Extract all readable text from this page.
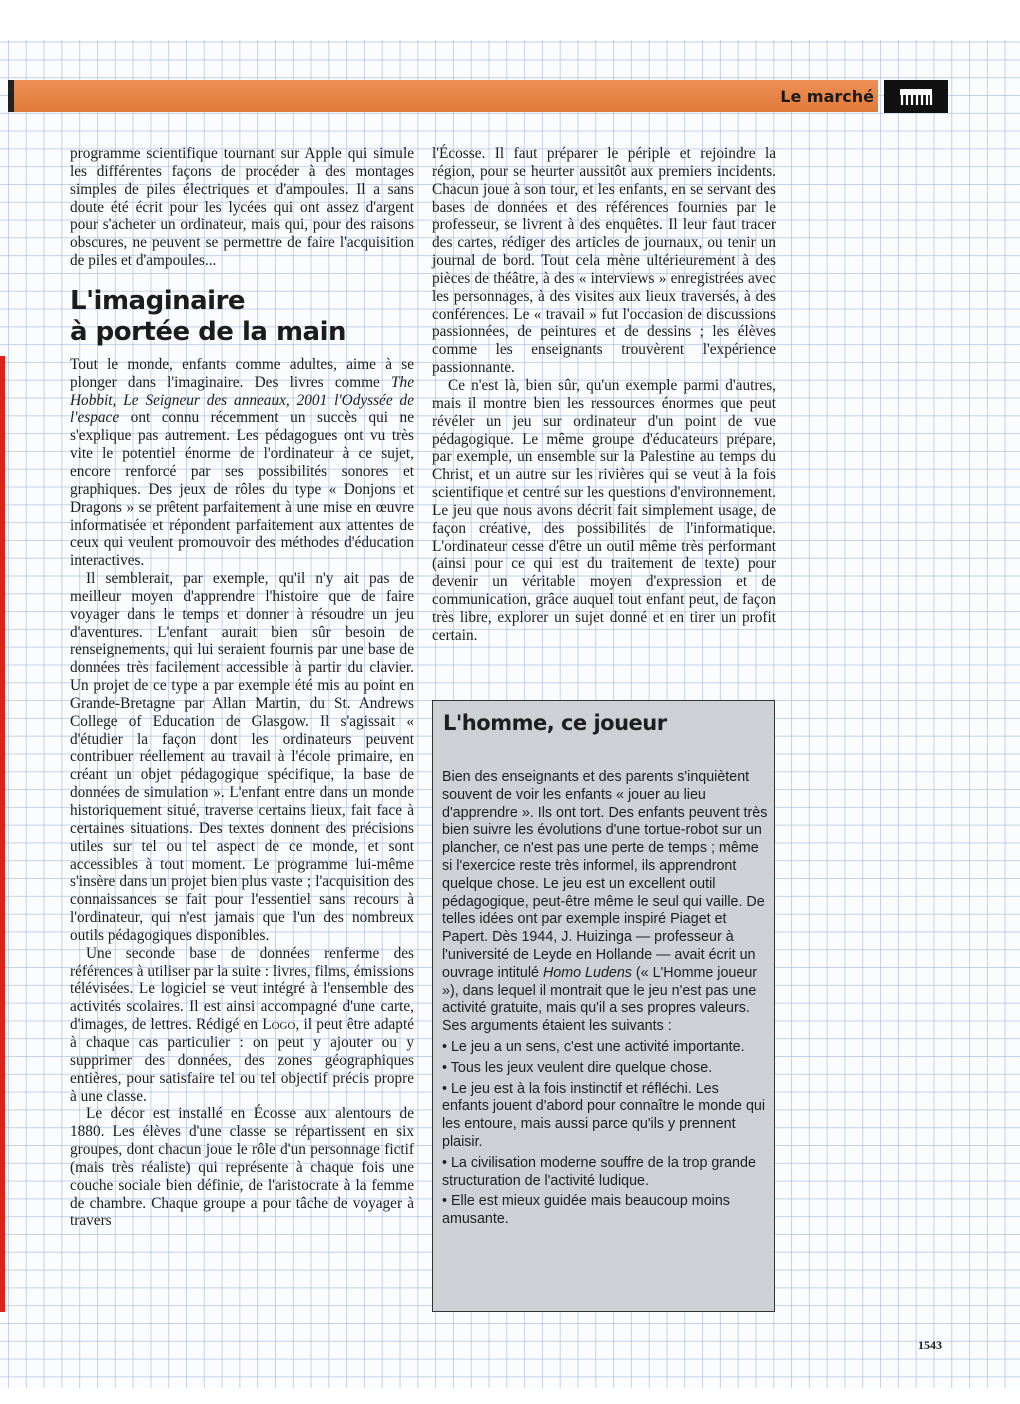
Le marché

programme scientifique tournant sur Apple qui simule les différentes façons de procéder à des montages simples de piles électriques et d'ampoules. Il a sans doute été écrit pour les lycées qui ont assez d'argent pour s'acheter un ordinateur, mais qui, pour des raisons obscures, ne peuvent se permettre de faire l'acquisition de piles et d'ampoules...

L'imaginaire
à portée de la main

Tout le monde, enfants comme adultes, aime à se plonger dans l'imaginaire. Des livres comme The Hobbit, Le Seigneur des anneaux, 2001 l'Odyssée de l'espace ont connu récemment un succès qui ne s'explique pas autrement. Les pédagogues ont vu très vite le potentiel énorme de l'ordinateur à ce sujet, encore renforcé par ses possibilités sonores et graphiques. Des jeux de rôles du type « Donjons et Dragons » se prêtent parfaitement à une mise en œuvre informatisée et répondent parfaitement aux attentes de ceux qui veulent promouvoir des méthodes d'éducation interactives.

Il semblerait, par exemple, qu'il n'y ait pas de meilleur moyen d'apprendre l'histoire que de faire voyager dans le temps et donner à résoudre un jeu d'aventures. L'enfant aurait bien sûr besoin de renseignements, qui lui seraient fournis par une base de données très facilement accessible à partir du clavier. Un projet de ce type a par exemple été mis au point en Grande-Bretagne par Allan Martin, du St. Andrews College of Education de Glasgow. Il s'agissait « d'étudier la façon dont les ordinateurs peuvent contribuer réellement au travail à l'école primaire, en créant un objet pédagogique spécifique, la base de données de simulation ». L'enfant entre dans un monde historiquement situé, traverse certains lieux, fait face à certaines situations. Des textes donnent des précisions utiles sur tel ou tel aspect de ce monde, et sont accessibles à tout moment. Le programme lui-même s'insère dans un projet bien plus vaste ; l'acquisition des connaissances se fait pour l'essentiel sans recours à l'ordinateur, qui n'est jamais que l'un des nombreux outils pédagogiques disponibles.

Une seconde base de données renferme des références à utiliser par la suite : livres, films, émissions télévisées. Le logiciel se veut intégré à l'ensemble des activités scolaires. Il est ainsi accompagné d'une carte, d'images, de lettres. Rédigé en Logo, il peut être adapté à chaque cas particulier : on peut y ajouter ou y supprimer des données, des zones géographiques entières, pour satisfaire tel ou tel objectif précis propre à une classe.

Le décor est installé en Écosse aux alentours de 1880. Les élèves d'une classe se répartissent en six groupes, dont chacun joue le rôle d'un personnage fictif (mais très réaliste) qui représente à chaque fois une couche sociale bien définie, de l'aristocrate à la femme de chambre. Chaque groupe a pour tâche de voyager à travers

l'Écosse. Il faut préparer le périple et rejoindre la région, pour se heurter aussitôt aux premiers incidents. Chacun joue à son tour, et les enfants, en se servant des bases de données et des références fournies par le professeur, se livrent à des enquêtes. Il leur faut tracer des cartes, rédiger des articles de journaux, ou tenir un journal de bord. Tout cela mène ultérieurement à des pièces de théâtre, à des « interviews » enregistrées avec les personnages, à des visites aux lieux traversés, à des conférences. Le « travail » fut l'occasion de discussions passionnées, de peintures et de dessins ; les élèves comme les enseignants trouvèrent l'expérience passionnante.

Ce n'est là, bien sûr, qu'un exemple parmi d'autres, mais il montre bien les ressources énormes que peut révéler un jeu sur ordinateur d'un point de vue pédagogique. Le même groupe d'éducateurs prépare, par exemple, un ensemble sur la Palestine au temps du Christ, et un autre sur les rivières qui se veut à la fois scientifique et centré sur les questions d'environnement. Le jeu que nous avons décrit fait simplement usage, de façon créative, des possibilités de l'informatique. L'ordinateur cesse d'être un outil même très performant (ainsi pour ce qui est du traitement de texte) pour devenir un véritable moyen d'expression et de communication, grâce auquel tout enfant peut, de façon très libre, explorer un sujet donné et en tirer un profit certain.

L'homme, ce joueur

Bien des enseignants et des parents s'inquiètent souvent de voir les enfants « jouer au lieu d'apprendre ». Ils ont tort. Des enfants peuvent très bien suivre les évolutions d'une tortue-robot sur un plancher, ce n'est pas une perte de temps ; même si l'exercice reste très informel, ils apprendront quelque chose. Le jeu est un excellent outil pédagogique, peut-être même le seul qui vaille. De telles idées ont par exemple inspiré Piaget et Papert. Dès 1944, J. Huizinga — professeur à l'université de Leyde en Hollande — avait écrit un ouvrage intitulé Homo Ludens (« L'Homme joueur »), dans lequel il montrait que le jeu n'est pas une activité gratuite, mais qu'il a ses propres valeurs. Ses arguments étaient les suivants :

• Le jeu a un sens, c'est une activité importante.

• Tous les jeux veulent dire quelque chose.

• Le jeu est à la fois instinctif et réfléchi. Les enfants jouent d'abord pour connaître le monde qui les entoure, mais aussi parce qu'ils y prennent plaisir.

• La civilisation moderne souffre de la trop grande structuration de l'activité ludique.

• Elle est mieux guidée mais beaucoup moins amusante.

1543
